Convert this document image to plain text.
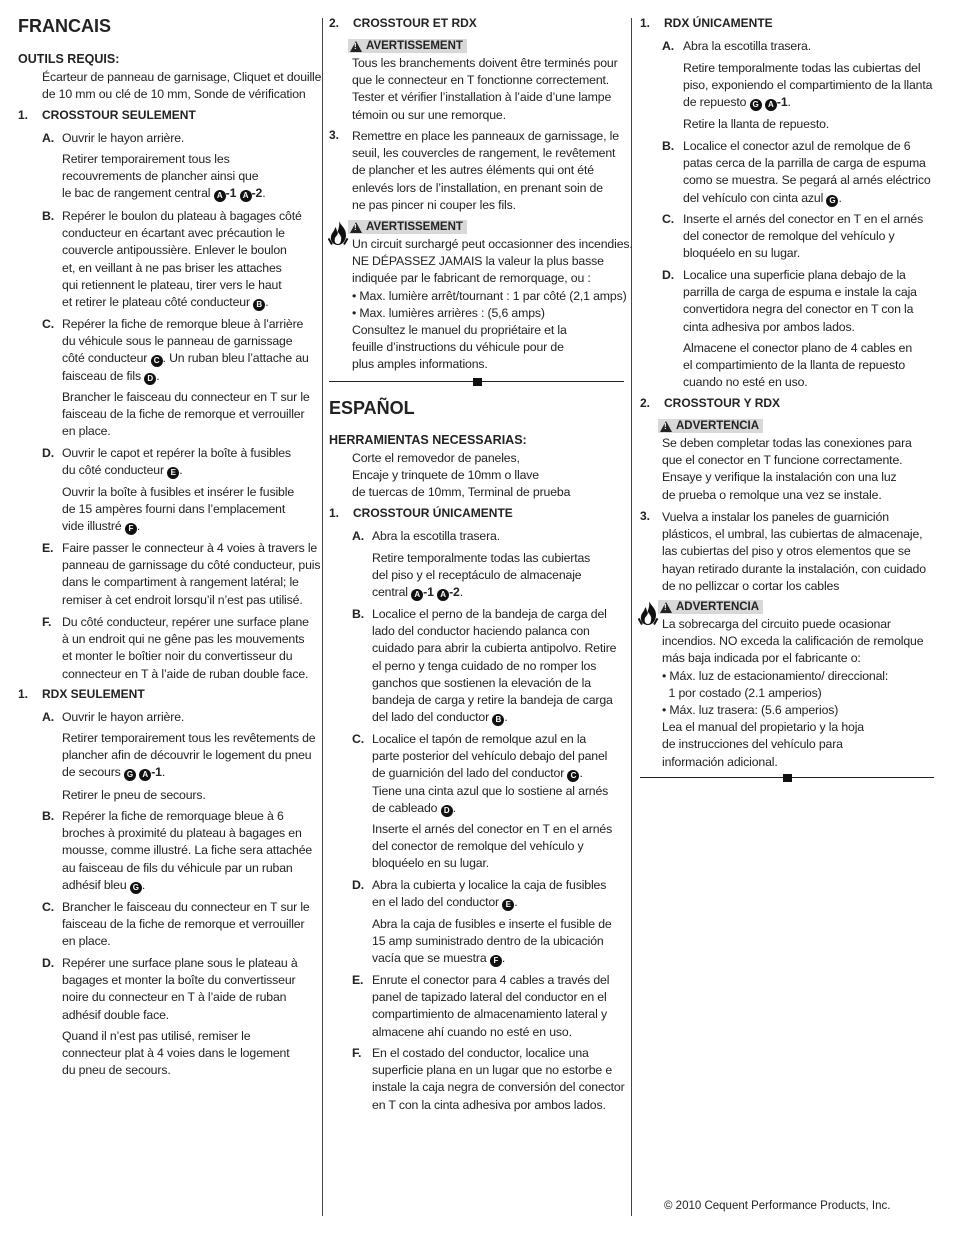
FRANCAIS
OUTILS REQUIS:
Écarteur de panneau de garnisage, Cliquet et douille
de 10 mm ou clé de 10 mm, Sonde de vérification
1. CROSSTOUR SEULEMENT
A. Ouvrir le hayon arrière.
Retirer temporairement tous les
recouvrements de plancher ainsi que
le bac de rangement central A -1 A -2.
B. Repérer le boulon du plateau à bagages côté
conducteur en écartant avec précaution le
couvercle antipoussière. Enlever le boulon
et, en veillant à ne pas briser les attaches
qui retiennent le plateau, tirer vers le haut
et retirer le plateau côté conducteur B .
C. Repérer la fiche de remorque bleue à l’arrière
du véhicule sous le panneau de garnissage
côté conducteur C . Un ruban bleu l’attache au
faisceau de fils D .
Brancher le faisceau du connecteur en T sur le
faisceau de la fiche de remorque et verrouiller
en place.
D. Ouvrir le capot et repérer la boîte à fusibles
du côté conducteur E .
Ouvrir la boîte à fusibles et insérer le fusible
de 15 ampères fourni dans l’emplacement
vide illustré F .
E. Faire passer le connecteur à 4 voies à travers le
panneau de garnissage du côté conducteur, puis
dans le compartiment à rangement latéral; le
remiser à cet endroit lorsqu’il n’est pas utilisé.
F. Du côté conducteur, repérer une surface plane
à un endroit qui ne gêne pas les mouvements
et monter le boîtier noir du convertisseur du
connecteur en T à l’aide de ruban double face.
1. RDX SEULEMENT
A. Ouvrir le hayon arrière.
Retirer temporairement tous les revêtements de
plancher afin de découvrir le logement du pneu
de secours G A -1.
Retirer le pneu de secours.
B. Repérer la fiche de remorquage bleue à 6
broches à proximité du plateau à bagages en
mousse, comme illustré. La fiche sera attachée
au faisceau de fils du véhicule par un ruban
adhésif bleu G .
C. Brancher le faisceau du connecteur en T sur le
faisceau de la fiche de remorque et verrouiller
en place.
D. Repérer une surface plane sous le plateau à
bagages et monter la boîte du convertisseur
noire du connecteur en T à l’aide de ruban
adhésif double face.
Quand il n’est pas utilisé, remiser le
connecteur plat à 4 voies dans le logement
du pneu de secours.
2. CROSSTOUR ET RDX
!
AVERTISSEMENT
Tous les branchements doivent être terminés pour
que le connecteur en T fonctionne correctement.
Tester et vérifier l’installation à l’aide d’une lampe
témoin ou sur une remorque.
3. Remettre en place les panneaux de garnissage, le
seuil, les couvercles de rangement, le revêtement
de plancher et les autres éléments qui ont été
enlevés lors de l’installation, en prenant soin de
ne pas pincer ni couper les fils.
!
AVERTISSEMENT
Un circuit surchargé peut occasionner des incendies.
NE DÉPASSEZ JAMAIS la valeur la plus basse
indiquée par le fabricant de remorquage, ou :
• Max. lumière arrêt/tournant : 1 par côté (2,1 amps)
• Max. lumières arrières : (5,6 amps)
Consultez le manuel du propriétaire et la
feuille d’instructions du véhicule pour de
plus amples informations.
ESPAÑOL
HERRAMIENTAS NECESSARIAS:
Corte el removedor de paneles,
Encaje y trinquete de 10mm o llave
de tuercas de 10mm, Terminal de prueba
1. CROSSTOUR ÚNICAMENTE
A. Abra la escotilla trasera.
Retire temporalmente todas las cubiertas
del piso y el receptáculo de almacenaje
central A -1 A -2.
B. Localice el perno de la bandeja de carga del
lado del conductor haciendo palanca con
cuidado para abrir la cubierta antipolvo. Retire
el perno y tenga cuidado de no romper los
ganchos que sostienen la elevación de la
bandeja de carga y retire la bandeja de carga
del lado del conductor B .
C. Localice el tapón de remolque azul en la
parte posterior del vehículo debajo del panel
de guarnición del lado del conductor C .
Tiene una cinta azul que lo sostiene al arnés
de cableado D .
Inserte el arnés del conector en T en el arnés
del conector de remolque del vehículo y
bloquéelo en su lugar.
D. Abra la cubierta y localice la caja de fusibles
en el lado del conductor E .
Abra la caja de fusibles e inserte el fusible de
15 amp suministrado dentro de la ubicación
vacía que se muestra F .
E. Enrute el conector para 4 cables a través del
panel de tapizado lateral del conductor en el
compartimiento de almacenamiento lateral y
almacene ahí cuando no esté en uso.
F. En el costado del conductor, localice una
superficie plana en un lugar que no estorbe e
instale la caja negra de conversión del conector
en T con la cinta adhesiva por ambos lados.
1. RDX ÚNICAMENTE
A. Abra la escotilla trasera.
Retire temporalmente todas las cubiertas del
piso, exponiendo el compartimiento de la llanta
de repuesto G A -1.
Retire la llanta de repuesto.
B. Localice el conector azul de remolque de 6
patas cerca de la parrilla de carga de espuma
como se muestra. Se pegará al arnés eléctrico
del vehículo con cinta azul G .
C. Inserte el arnés del conector en T en el arnés
del conector de remolque del vehículo y
bloquéelo en su lugar.
D. Localice una superficie plana debajo de la
parrilla de carga de espuma e instale la caja
convertidora negra del conector en T con la
cinta adhesiva por ambos lados.
Almacene el conector plano de 4 cables en
el compartimiento de la llanta de repuesto
cuando no esté en uso.
2. CROSSTOUR Y RDX
!
ADVERTENCIA
Se deben completar todas las conexiones para
que el conector en T funcione correctamente.
Ensaye y verifique la instalación con una luz
de prueba o remolque una vez se instale.
3. Vuelva a instalar los paneles de guarnición
plásticos, el umbral, las cubiertas de almacenaje,
las cubiertas del piso y otros elementos que se
hayan retirado durante la instalación, con cuidado
de no pellizcar o cortar los cables
!
ADVERTENCIA
La sobrecarga del circuito puede ocasionar
incendios. NO exceda la calificación de remolque
más baja indicada por el fabricante o:
• Máx. luz de estacionamiento/ direccional:
1 por costado (2.1 amperios)
• Máx. luz trasera: (5.6 amperios)
Lea el manual del propietario y la hoja
de instrucciones del vehículo para
información adicional.
© 2010 Cequent Performance Products, Inc.
